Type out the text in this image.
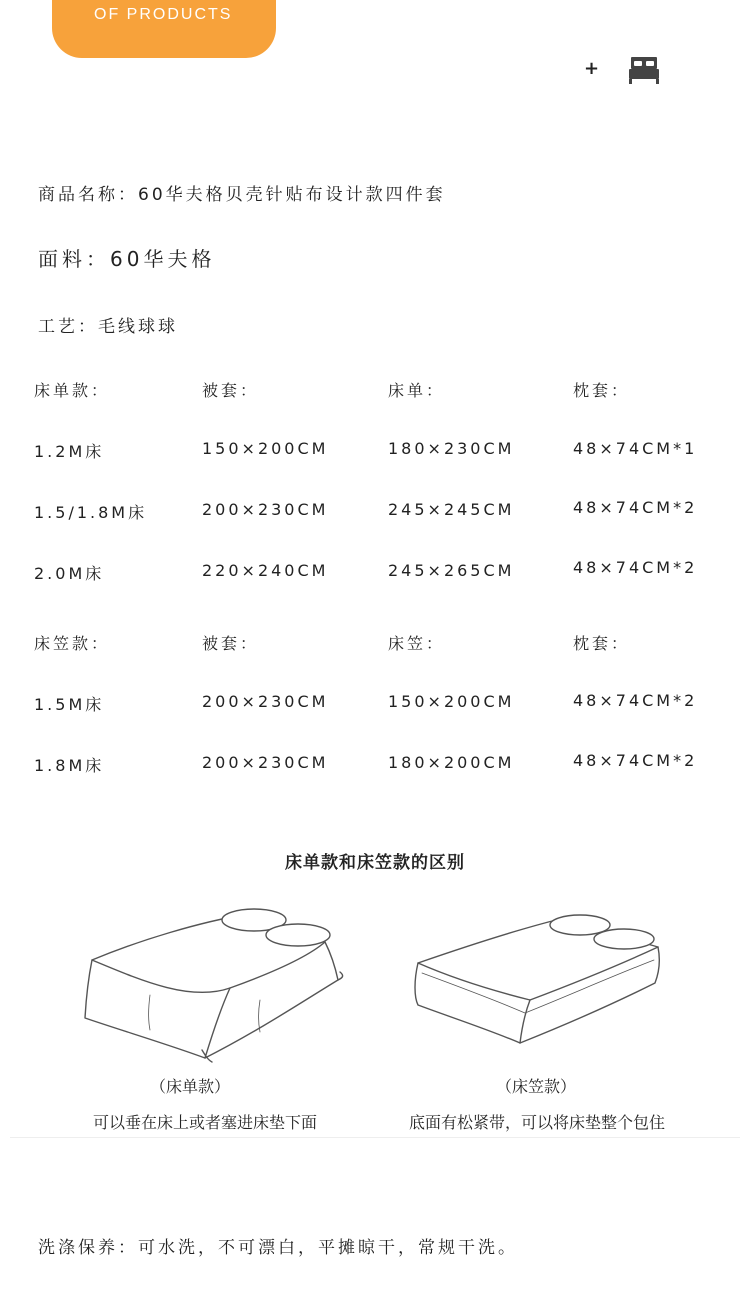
OF PRODUCTS
+
商品名称：60华夫格贝壳针贴布设计款四件套
面料：60华夫格
工艺：毛线球球
床单款：	被套：	床单：	枕套：
1.2M床	150×200CM	180×230CM	48×74CM*1
1.5/1.8M床	200×230CM	245×245CM	48×74CM*2
2.0M床	220×240CM	245×265CM	48×74CM*2
床笠款：	被套：	床笠：	枕套：
1.5M床	200×230CM	150×200CM	48×74CM*2
1.8M床	200×230CM	180×200CM	48×74CM*2
床单款和床笠款的区别
（床单款）
可以垂在床上或者塞进床垫下面
（床笠款）
底面有松紧带，可以将床垫整个包住
洗涤保养：可水洗，不可漂白，平摊晾干，常规干洗。
